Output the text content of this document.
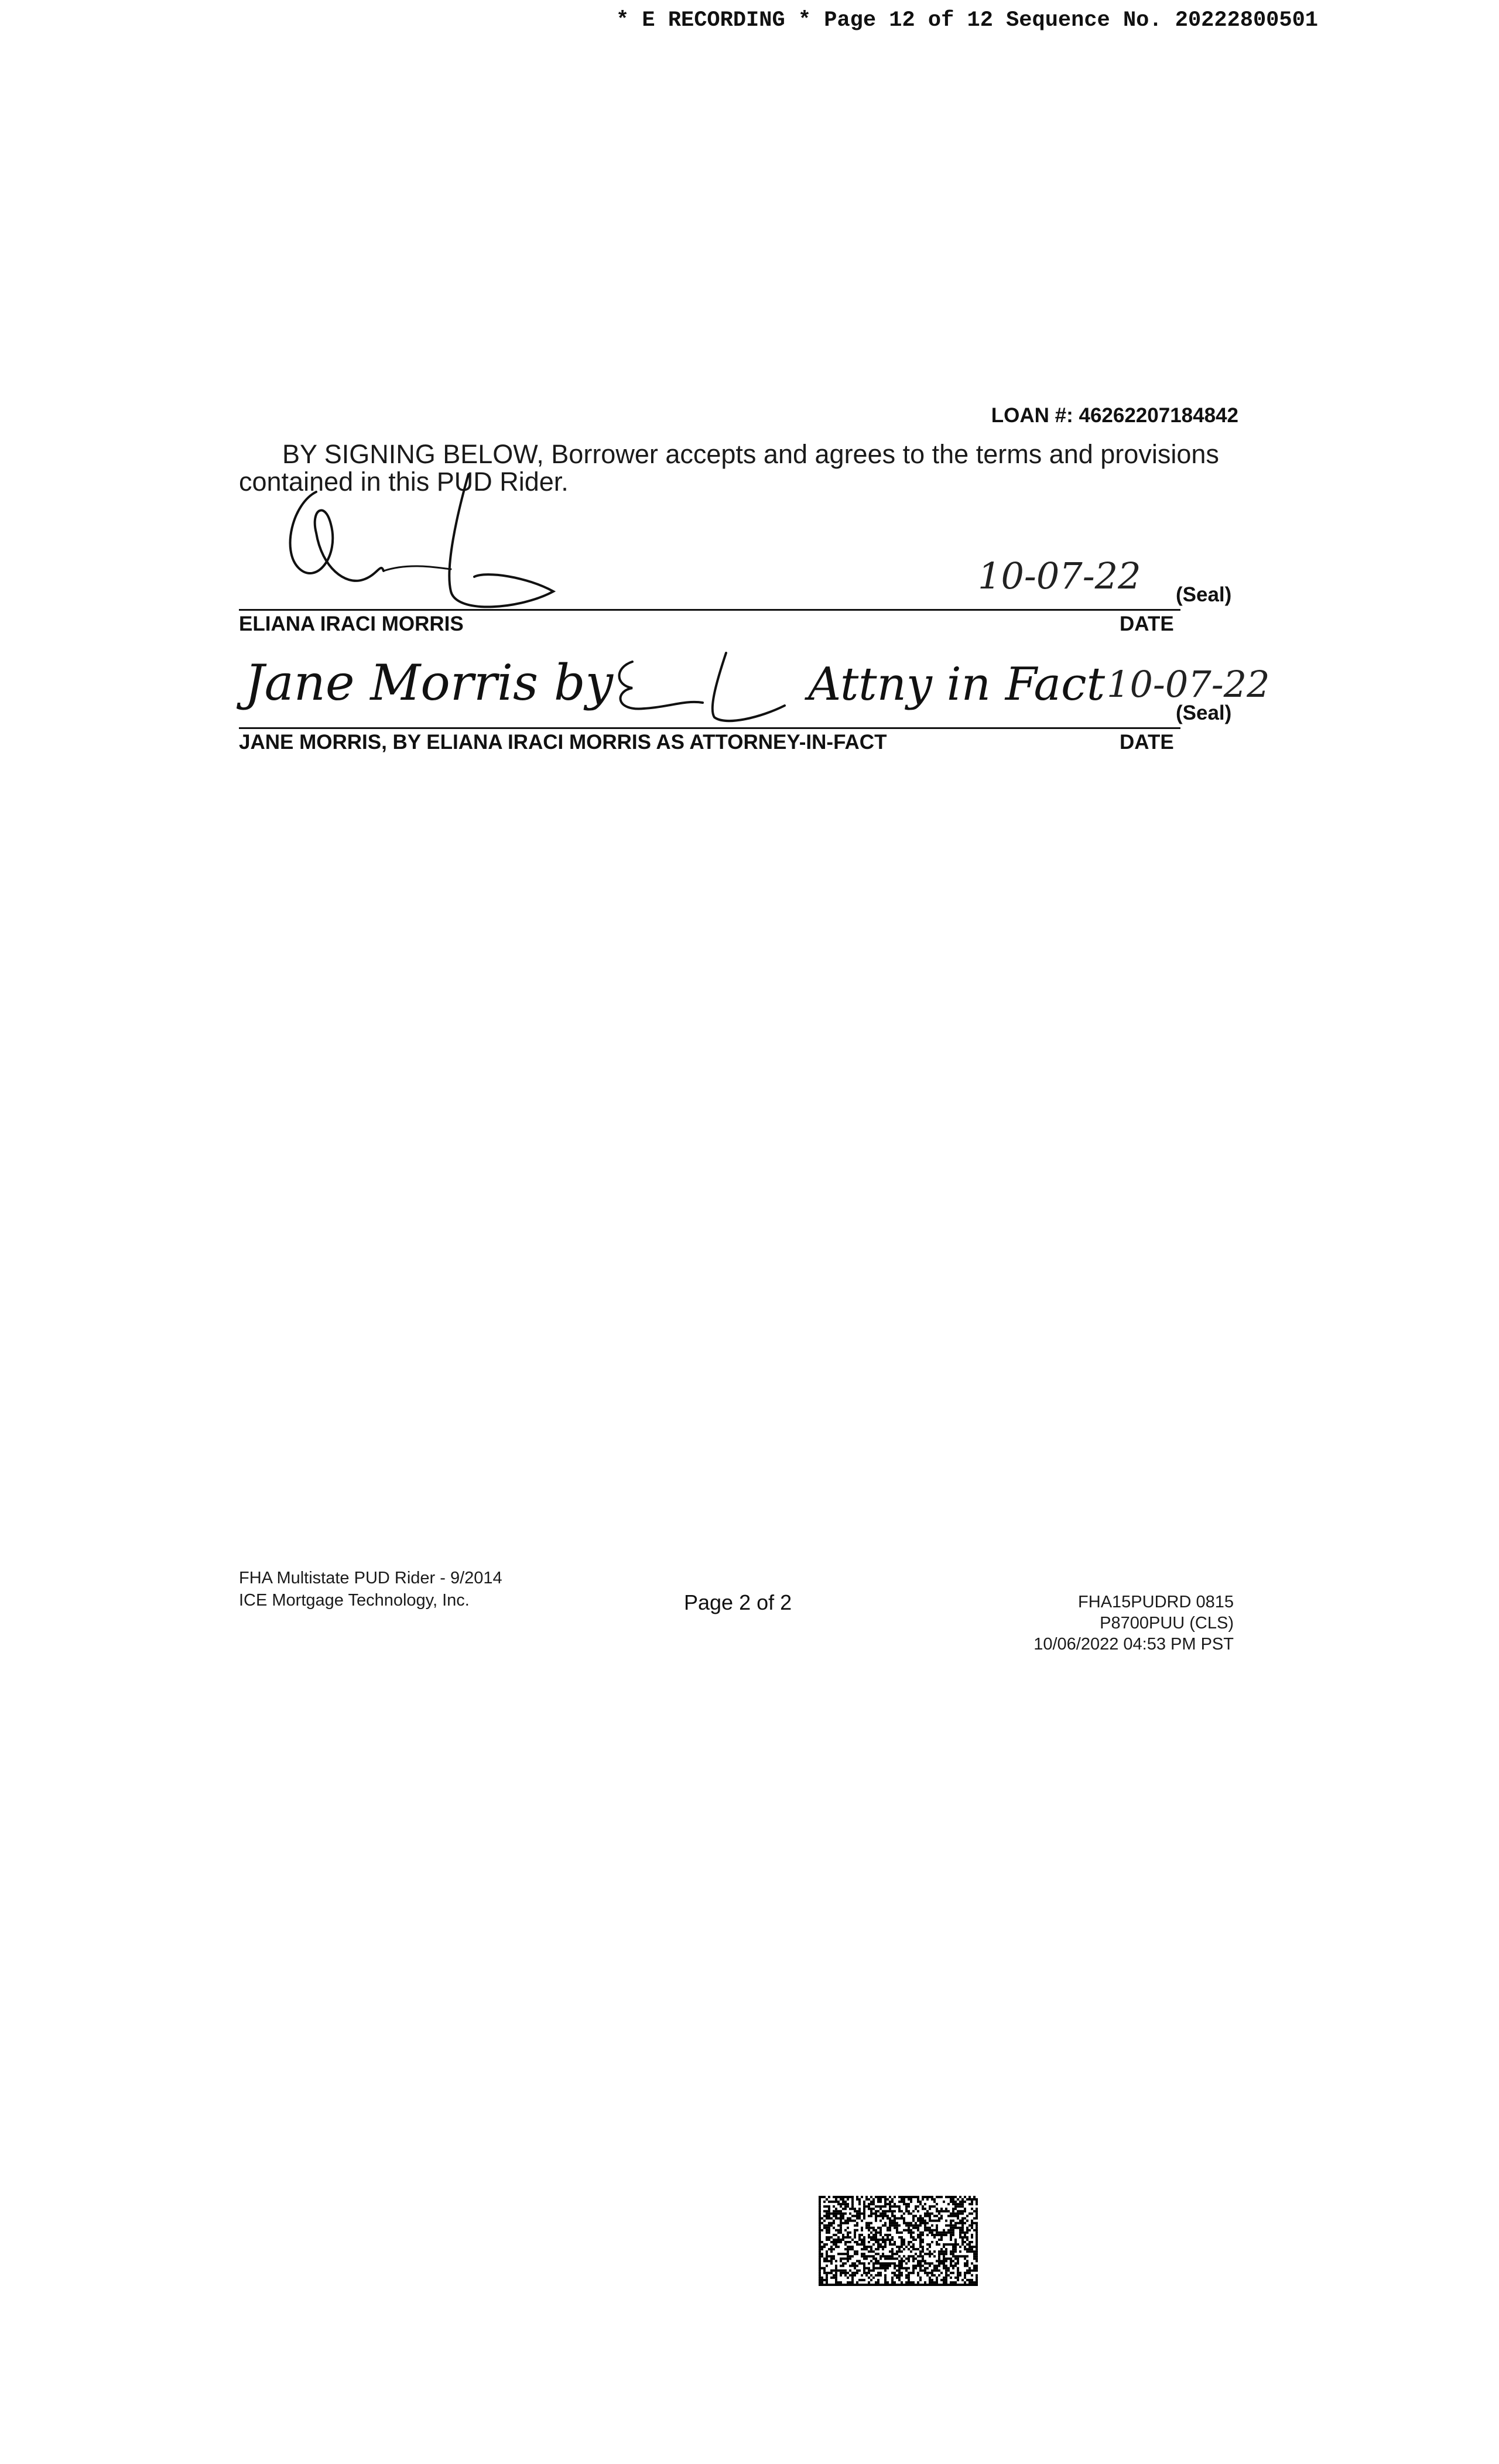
* E RECORDING * Page 12 of 12 Sequence No. 20222800501
LOAN #: 46262207184842
BY SIGNING BELOW, Borrower accepts and agrees to the terms and provisions contained in this PUD Rider.
10-07-22 (Seal)
ELIANA IRACI MORRIS	DATE
Jane Morris by	Attny in Fact 10-07-22
(Seal)
JANE MORRIS, BY ELIANA IRACI MORRIS AS ATTORNEY-IN-FACT	DATE
FHA Multistate PUD Rider - 9/2014
ICE Mortgage Technology, Inc.	Page 2 of 2	FHA15PUDRD 0815
P8700PUU (CLS)
10/06/2022 04:53 PM PST
